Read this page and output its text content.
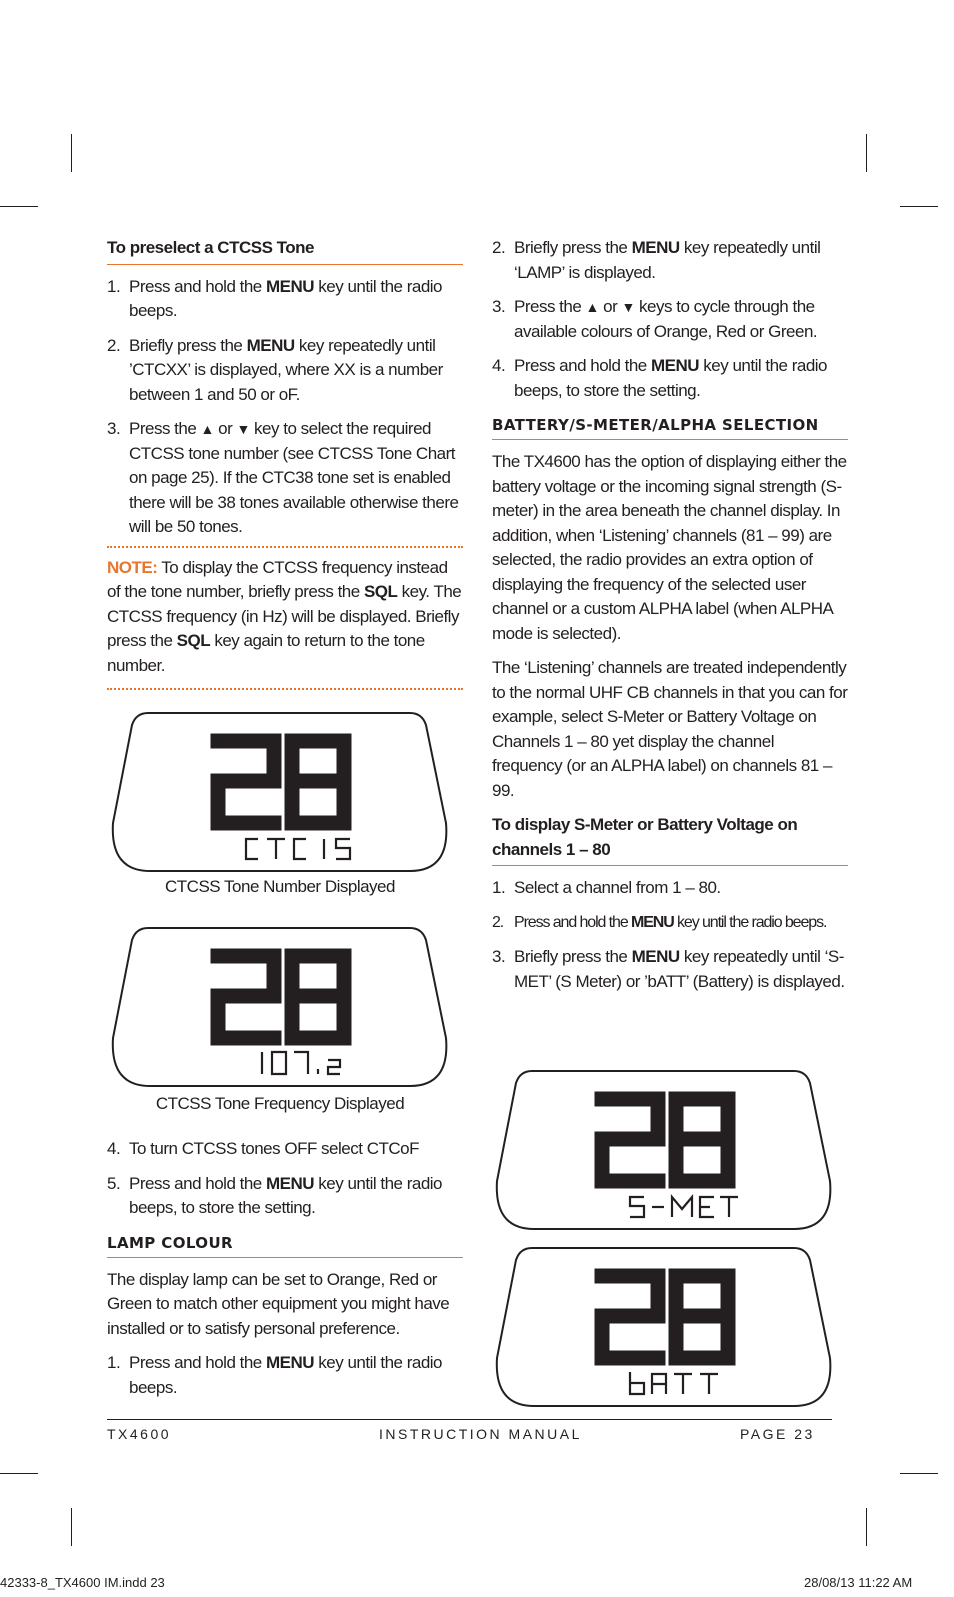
To preselect a CTCSS Tone
1. Press and hold the MENU key until the radio beeps.
2. Briefly press the MENU key repeatedly until ’CTCXX’ is displayed, where XX is a number between 1 and 50 or oF.
3. Press the ▲ or ▼ key to select the required CTCSS tone number (see CTCSS Tone Chart on page 25). If the CTC38 tone set is enabled there will be 38 tones available otherwise there will be 50 tones.
NOTE: To display the CTCSS frequency instead of the tone number, briefly press the SQL key. The CTCSS frequency (in Hz) will be displayed. Briefly press the SQL key again to return to the tone number.
CTCSS Tone Number Displayed
CTCSS Tone Frequency Displayed
4. To turn CTCSS tones OFF select CTCoF
5. Press and hold the MENU key until the radio beeps, to store the setting.
LAMP COLOUR
The display lamp can be set to Orange, Red or Green to match other equipment you might have installed or to satisfy personal preference.
1. Press and hold the MENU key until the radio beeps.
2. Briefly press the MENU key repeatedly until ‘LAMP’ is displayed.
3. Press the ▲ or ▼ keys to cycle through the available colours of Orange, Red or Green.
4. Press and hold the MENU key until the radio beeps, to store the setting.
BATTERY/S-METER/ALPHA SELECTION
The TX4600 has the option of displaying either the battery voltage or the incoming signal strength (S-meter) in the area beneath the channel display. In addition, when ‘Listening’ channels (81 – 99) are selected, the radio provides an extra option of displaying the frequency of the selected user channel or a custom ALPHA label (when ALPHA mode is selected).
The ‘Listening’ channels are treated independently to the normal UHF CB channels in that you can for example, select S-Meter or Battery Voltage on Channels 1 – 80 yet display the channel frequency (or an ALPHA label) on channels 81 – 99.
To display S-Meter or Battery Voltage on channels 1 – 80
1. Select a channel from 1 – 80.
2. Press and hold the MENU key until the radio beeps.
3. Briefly press the MENU key repeatedly until ‘S-MET’ (S Meter) or ’bATT’ (Battery) is displayed.
TX4600	INSTRUCTION MANUAL	PAGE 23
42333-8_TX4600 IM.indd 23	28/08/13 11:22 AM
